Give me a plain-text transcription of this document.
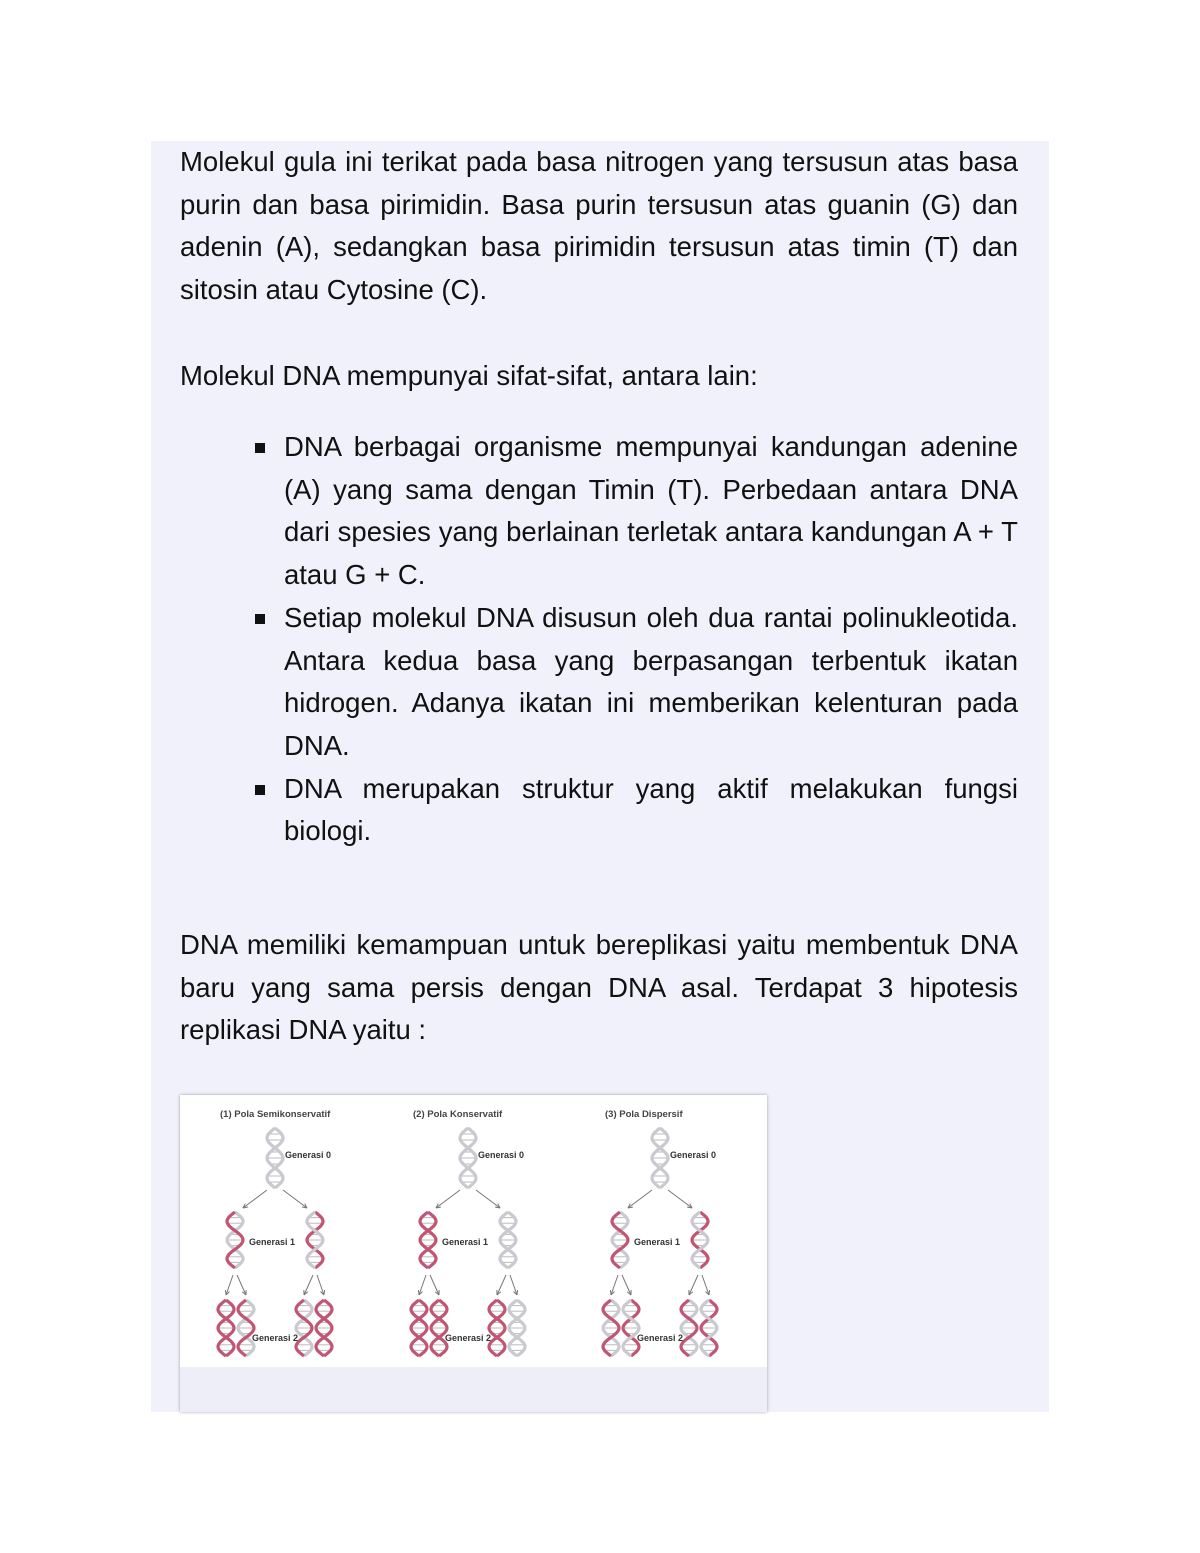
Molekul gula ini terikat pada basa nitrogen yang tersusun atas basa purin dan basa pirimidin. Basa purin tersusun atas guanin (G) dan adenin (A), sedangkan basa pirimidin tersusun atas timin (T) dan sitosin atau Cytosine (C).

Molekul DNA mempunyai sifat-sifat, antara lain:

DNA berbagai organisme mempunyai kandungan adenine (A) yang sama dengan Timin (T). Perbedaan antara DNA dari spesies yang berlainan terletak antara kandungan A + T atau G + C.
Setiap molekul DNA disusun oleh dua rantai polinukleotida. Antara kedua basa yang berpasangan terbentuk ikatan hidrogen. Adanya ikatan ini memberikan kelenturan pada DNA.
DNA merupakan struktur yang aktif melakukan fungsi biologi.

DNA memiliki kemampuan untuk bereplikasi yaitu membentuk DNA baru yang sama persis dengan DNA asal. Terdapat 3 hipotesis replikasi DNA yaitu :

(1) Pola Semikonservatif
Generasi 0
Generasi 1
Generasi 2
(2) Pola Konservatif
Generasi 0
Generasi 1
Generasi 2
(3) Pola Dispersif
Generasi 0
Generasi 1
Generasi 2
